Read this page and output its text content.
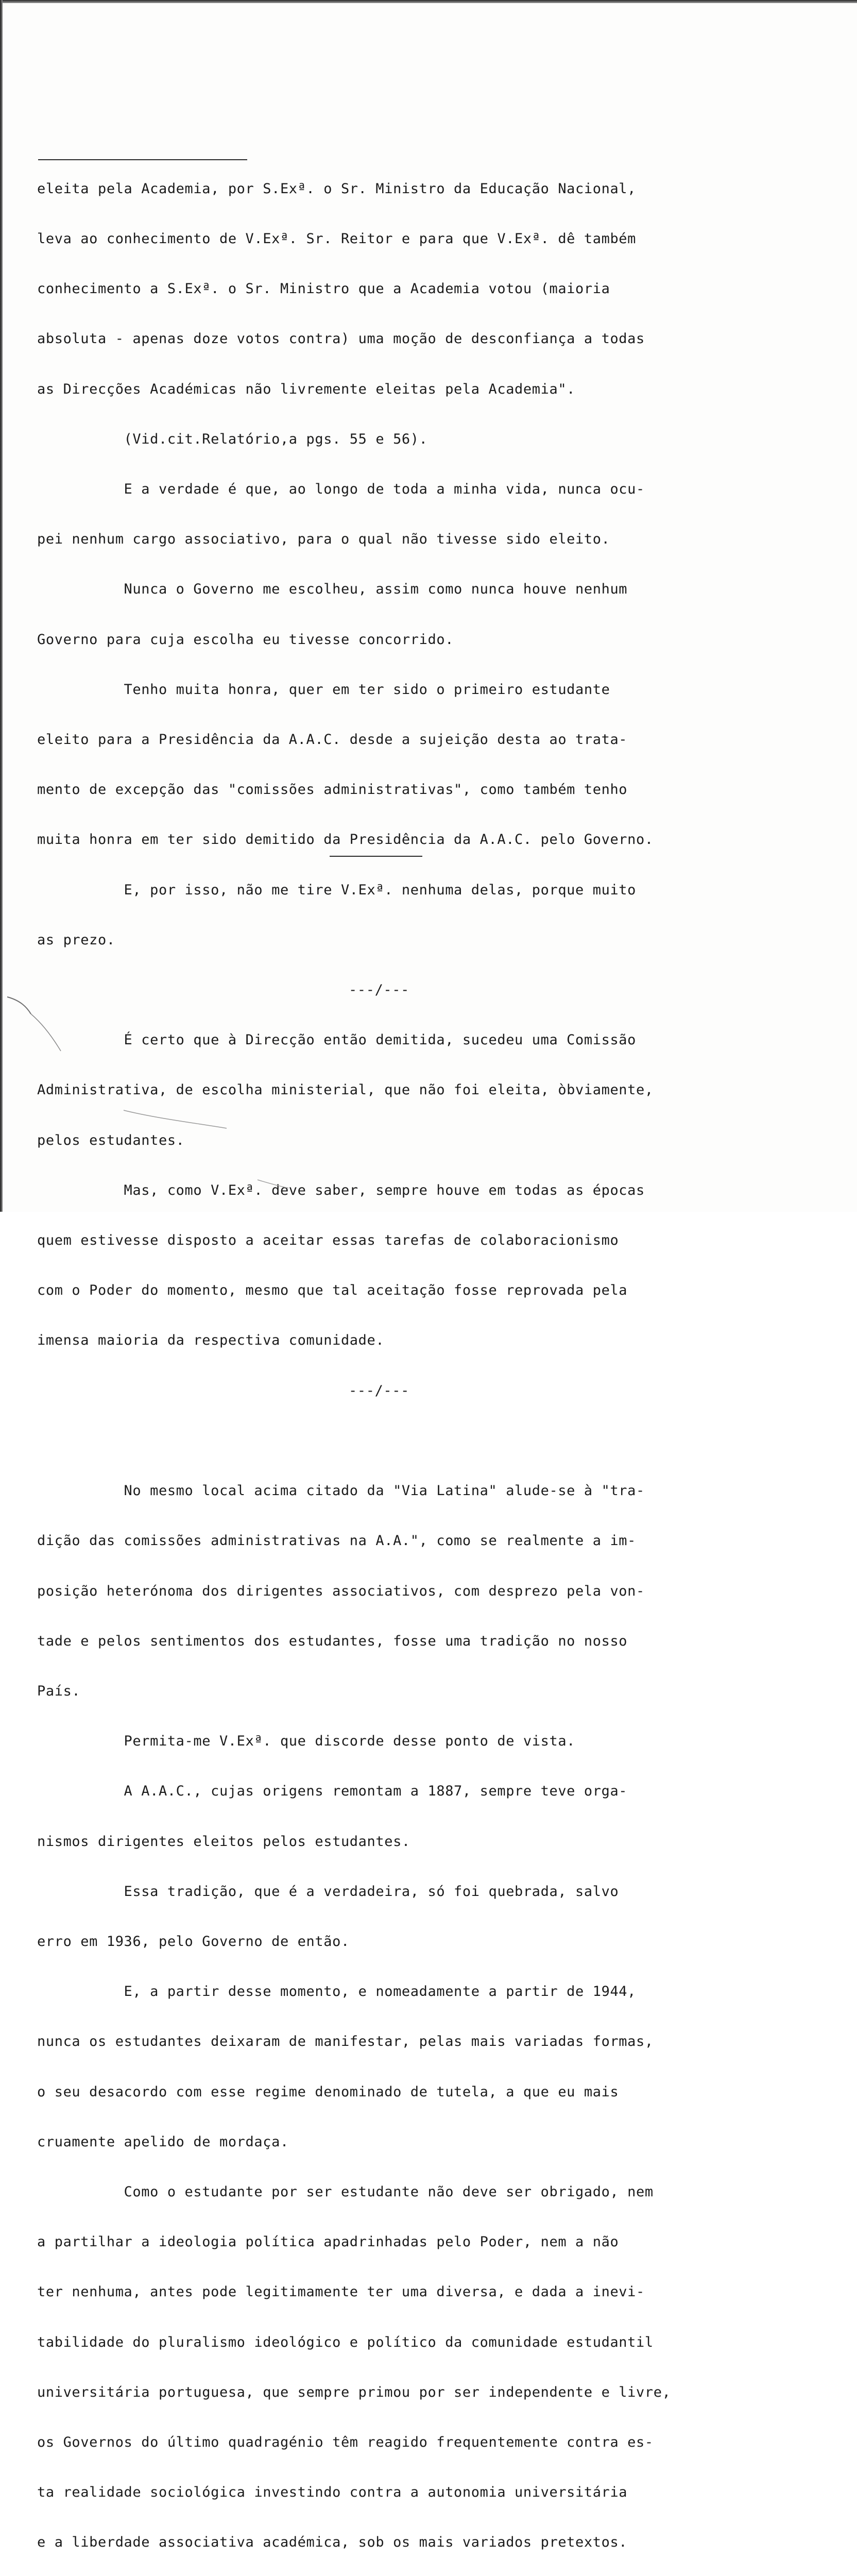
eleita pela Academia, por S.Exª. o Sr. Ministro da Educação Nacional,

leva ao conhecimento de V.Exª. Sr. Reitor e para que V.Exª. dê também

conhecimento a S.Exª. o Sr. Ministro que a Academia votou (maioria

absoluta - apenas doze votos contra) uma moção de desconfiança a todas

as Direcções Académicas não livremente eleitas pela Academia".

(Vid.cit.Relatório,a pgs. 55 e 56).

E a verdade é que, ao longo de toda a minha vida, nunca ocu-

pei nenhum cargo associativo, para o qual não tivesse sido eleito.

Nunca o Governo me escolheu, assim como nunca houve nenhum

Governo para cuja escolha eu tivesse concorrido.

Tenho muita honra, quer em ter sido o primeiro estudante

eleito para a Presidência da A.A.C. desde a sujeição desta ao trata-

mento de excepção das "comissões administrativas", como também tenho

muita honra em ter sido demitido da Presidência da A.A.C. pelo Governo.

E, por isso, não me tire V.Exª. nenhuma delas, porque muito

as prezo.

---/---

É certo que à Direcção então demitida, sucedeu uma Comissão

Administrativa, de escolha ministerial, que não foi eleita, òbviamente,

pelos estudantes.

Mas, como V.Exª. deve saber, sempre houve em todas as épocas

quem estivesse disposto a aceitar essas tarefas de colaboracionismo

com o Poder do momento, mesmo que tal aceitação fosse reprovada pela

imensa maioria da respectiva comunidade.

---/---

No mesmo local acima citado da "Via Latina" alude-se à "tra-

dição das comissões administrativas na A.A.", como se realmente a im-

posição heterónoma dos dirigentes associativos, com desprezo pela von-

tade e pelos sentimentos dos estudantes, fosse uma tradição no nosso

País.

Permita-me V.Exª. que discorde desse ponto de vista.

A A.A.C., cujas origens remontam a 1887, sempre teve orga-

nismos dirigentes eleitos pelos estudantes.

Essa tradição, que é a verdadeira, só foi quebrada, salvo

erro em 1936, pelo Governo de então.

E, a partir desse momento, e nomeadamente a partir de 1944,

nunca os estudantes deixaram de manifestar, pelas mais variadas formas,

o seu desacordo com esse regime denominado de tutela, a que eu mais

cruamente apelido de mordaça.

Como o estudante por ser estudante não deve ser obrigado, nem

a partilhar a ideologia política apadrinhadas pelo Poder, nem a não

ter nenhuma, antes pode legitimamente ter uma diversa, e dada a inevi-

tabilidade do pluralismo ideológico e político da comunidade estudantil

universitária portuguesa, que sempre primou por ser independente e livre,

os Governos do último quadragénio têm reagido frequentemente contra es-

ta realidade sociológica investindo contra a autonomia universitária

e a liberdade associativa académica, sob os mais variados pretextos.
